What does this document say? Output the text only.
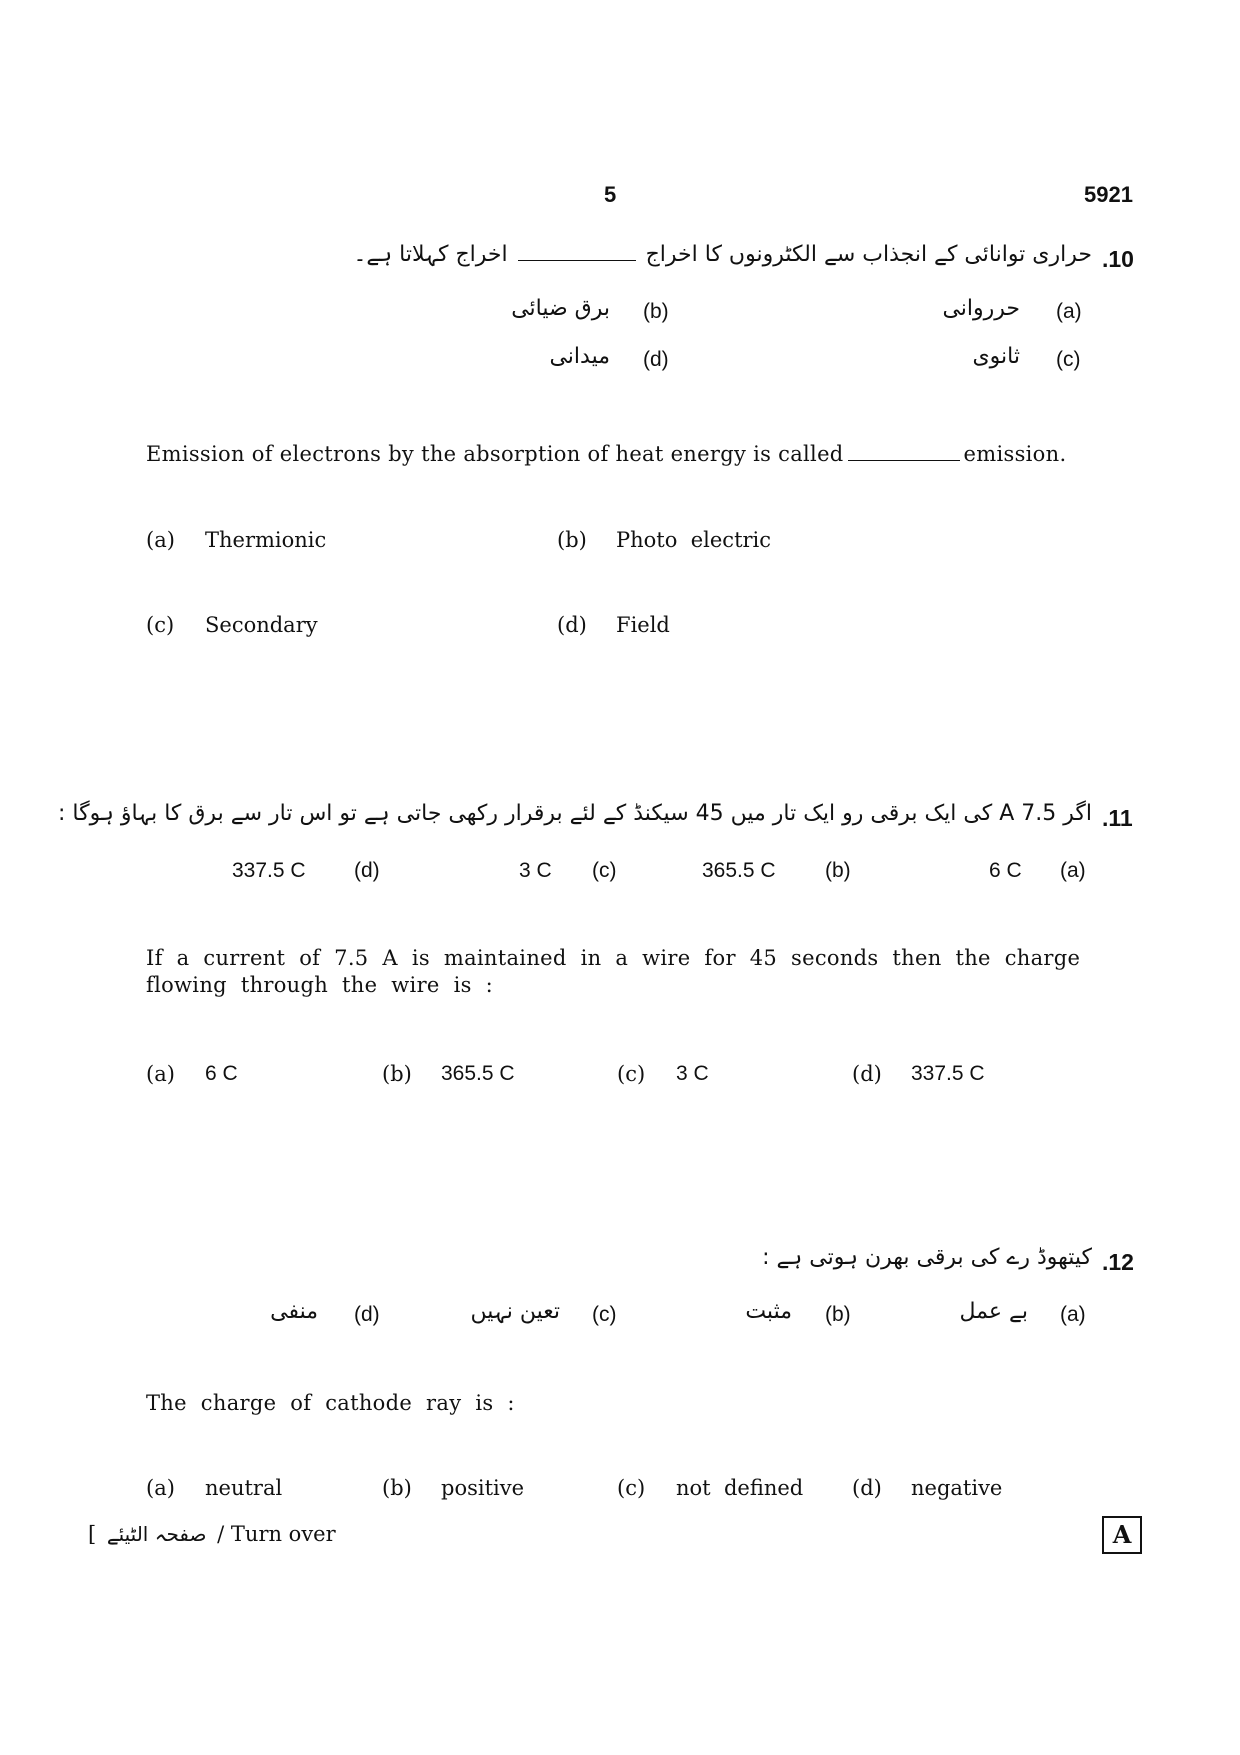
5	5921
.10
حراری توانائی کے انجذاب سے الکٹرونوں کا اخراجاخراج کہلاتا ہے۔
(a)
حرروانی
(b)
برق ضیائی
(c)
ثانوی
(d)
میدانی
Emission of electrons by the absorption of heat energy is called	emission.
(a) Thermionic	(b) Photo  electric
(c) Secondary	(d) Field
.11
اگر 7.5 A کی ایک برقی رو ایک تار میں 45 سیکنڈ کے لئے برقرار رکھی جاتی ہے تو اس تار سے برق کا بہاؤ ہوگا :
(a)
6 C
(b)
365.5 C
(c)
3 C
(d)
337.5 C
If  a  current  of  7.5  A  is  maintained  in  a  wire  for  45  seconds  then  the  charge
flowing  through  the  wire  is  :
(a) 6 C	(b) 365.5 C	(c) 3 C	(d) 337.5 C
.12
کیتھوڈ رے کی برقی بھرن ہوتی ہے :
(a)
بے عمل
(b)
مثبت
(c)
تعین نہیں
(d)
منفی
The  charge  of  cathode  ray  is  :
(a) neutral	(b) positive	(c) not  defined (d) negative
[ صفحہ الٹیئے / Turn over	A
